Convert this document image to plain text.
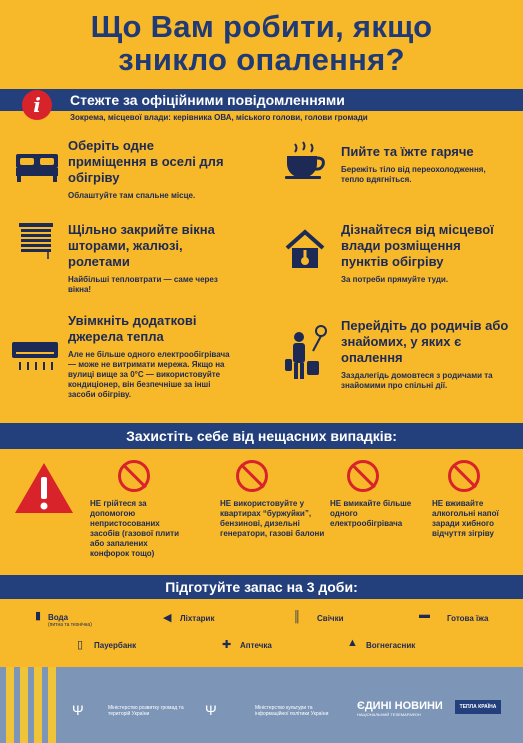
Що Вам робити, якщо
зникло опалення?
Стежте за офіційними повідомленнями
i
Зокрема, місцевої влади: керівника ОВА, міського голови, голови громади
Оберіть одне приміщення в оселі для обігріву
Облаштуйте там спальне місце.
Пийте та їжте гаряче
Бережіть тіло від переохолодження, тепло вдягніться.
Щільно закрийте вікна шторами, жалюзі, ролетами
Найбільші тепловтрати — саме через вікна!
Дізнайтеся від місцевої влади розміщення пунктів обігріву
За потреби прямуйте туди.
Увімкніть додаткові джерела тепла
Але не більше одного електрообігрівача — може не витримати мережа. Якщо на вулиці вище за 0°C — використовуйте кондиціонер, він безпечніше за інші засоби обігріву.
Перейдіть до родичів або знайомих, у яких є опалення
Заздалегідь домовтеся з родичами та знайомими про спільні дії.
Захистіть себе від нещасних випадків:
НЕ грійтеся за допомогою непристосованих засобів (газової плити або запалених конфорок тощо)
НЕ використовуйте у квартирах “буржуйки”, бензинові, дизельні генератори, газові балони
НЕ вмикайте більше одного електрообігрівача
НЕ вживайте алкогольні напої заради хибного відчуття зігріву
Підготуйте запас на 3 доби:
▮ Вода
(питна та технічна)
◀ Ліхтарик	║ Свічки	▬ Готова їжа
▯ Пауербанк	✚ Аптечка	▲ Вогнегасник
Ψ	Міністерство розвитку громад та територій України	Ψ	Міністерство культури та інформаційної політики України
ЄДИНІ НОВИНИ
НАЦІОНАЛЬНИЙ ТЕЛЕМАРАФОН
ТЕПЛА КРАЇНА
